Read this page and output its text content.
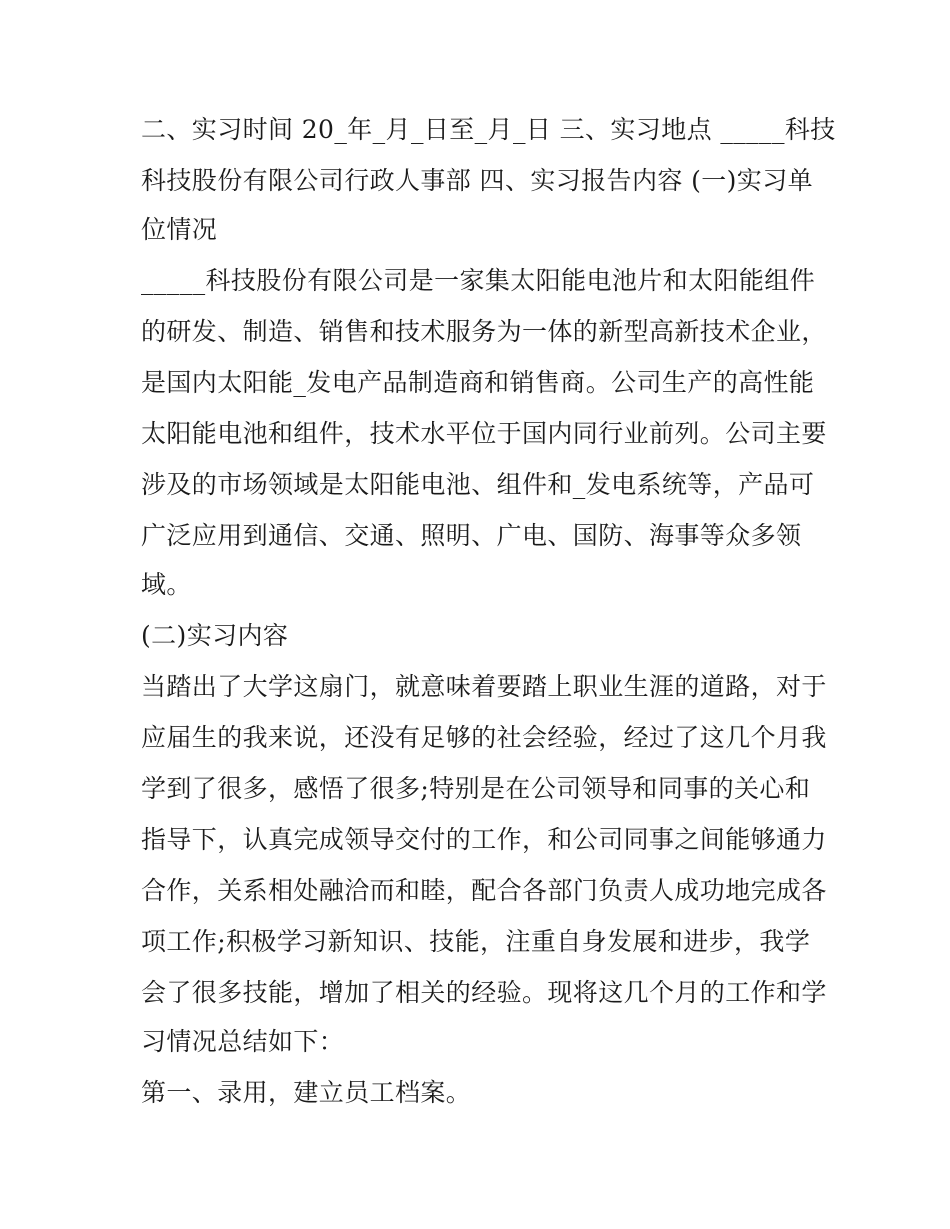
二、实习时间 20_年_月_日至_月_日 三、实习地点 _____科技
科技股份有限公司行政人事部 四、实习报告内容 (一)实习单
位情况
_____科技股份有限公司是一家集太阳能电池片和太阳能组件
的研发、制造、销售和技术服务为一体的新型高新技术企业，
是国内太阳能_发电产品制造商和销售商。公司生产的高性能
太阳能电池和组件，技术水平位于国内同行业前列。公司主要
涉及的市场领域是太阳能电池、组件和_发电系统等，产品可
广泛应用到通信、交通、照明、广电、国防、海事等众多领
域。
(二)实习内容
当踏出了大学这扇门，就意味着要踏上职业生涯的道路，对于
应届生的我来说，还没有足够的社会经验，经过了这几个月我
学到了很多，感悟了很多;特别是在公司领导和同事的关心和
指导下，认真完成领导交付的工作，和公司同事之间能够通力
合作，关系相处融洽而和睦，配合各部门负责人成功地完成各
项工作;积极学习新知识、技能，注重自身发展和进步，我学
会了很多技能，增加了相关的经验。现将这几个月的工作和学
习情况总结如下：
第一、录用，建立员工档案。
